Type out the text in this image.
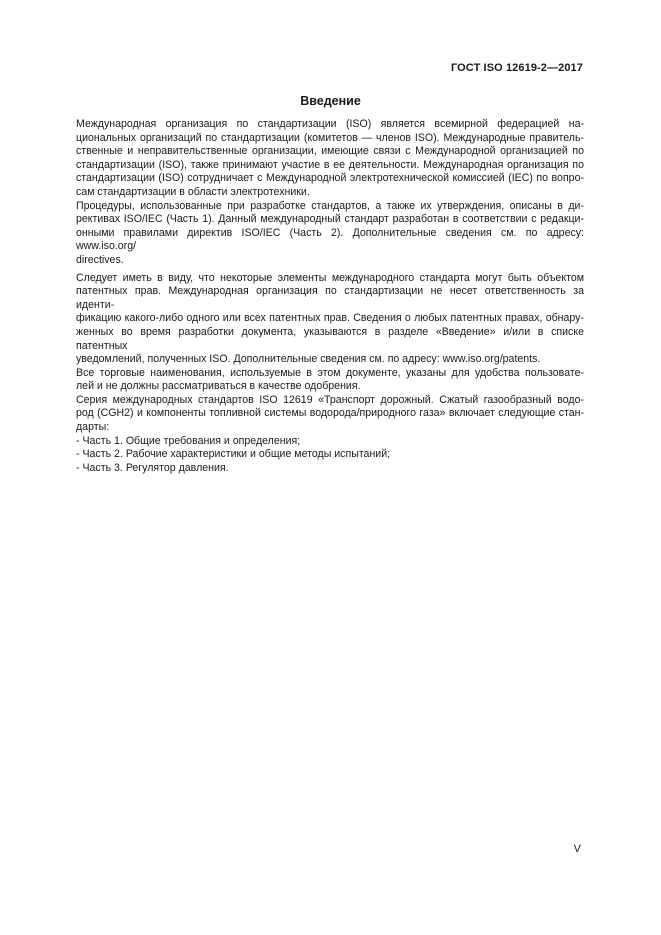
ГОСТ ISO 12619-2—2017
Введение

Международная организация по стандартизации (ISO) является всемирной федерацией на-
циональных организаций по стандартизации (комитетов — членов ISO). Международные правитель-
ственные и неправительственные организации, имеющие связи с Международной организацией по
стандартизации (ISO), также принимают участие в ее деятельности. Международная организация по
стандартизации (ISO) сотрудничает с Международной электротехнической комиссией (IEC) по вопро-
сам стандартизации в области электротехники.

Процедуры, использованные при разработке стандартов, а также их утверждения, описаны в ди-
рективах ISO/IEC (Часть 1). Данный международный стандарт разработан в соответствии с редакци-
онными правилами директив ISO/IEC (Часть 2). Дополнительные сведения см. по адресу: www.iso.org/
directives.

Следует иметь в виду, что некоторые элементы международного стандарта могут быть объектом
патентных прав. Международная организация по стандартизации не несет ответственность за иденти-
фикацию какого-либо одного или всех патентных прав. Сведения о любых патентных правах, обнару-
женных во время разработки документа, указываются в разделе «Введение» и/или в списке патентных
уведомлений, полученных ISO. Дополнительные сведения см. по адресу: www.iso.org/patents.

Все торговые наименования, используемые в этом документе, указаны для удобства пользовате-
лей и не должны рассматриваться в качестве одобрения.

Серия международных стандартов ISO 12619 «Транспорт дорожный. Сжатый газообразный водо-
род (CGH2) и компоненты топливной системы водорода/природного газа» включает следующие стан-
дарты:

- Часть 1. Общие требования и определения;
- Часть 2. Рабочие характеристики и общие методы испытаний;
- Часть 3. Регулятор давления.
V
